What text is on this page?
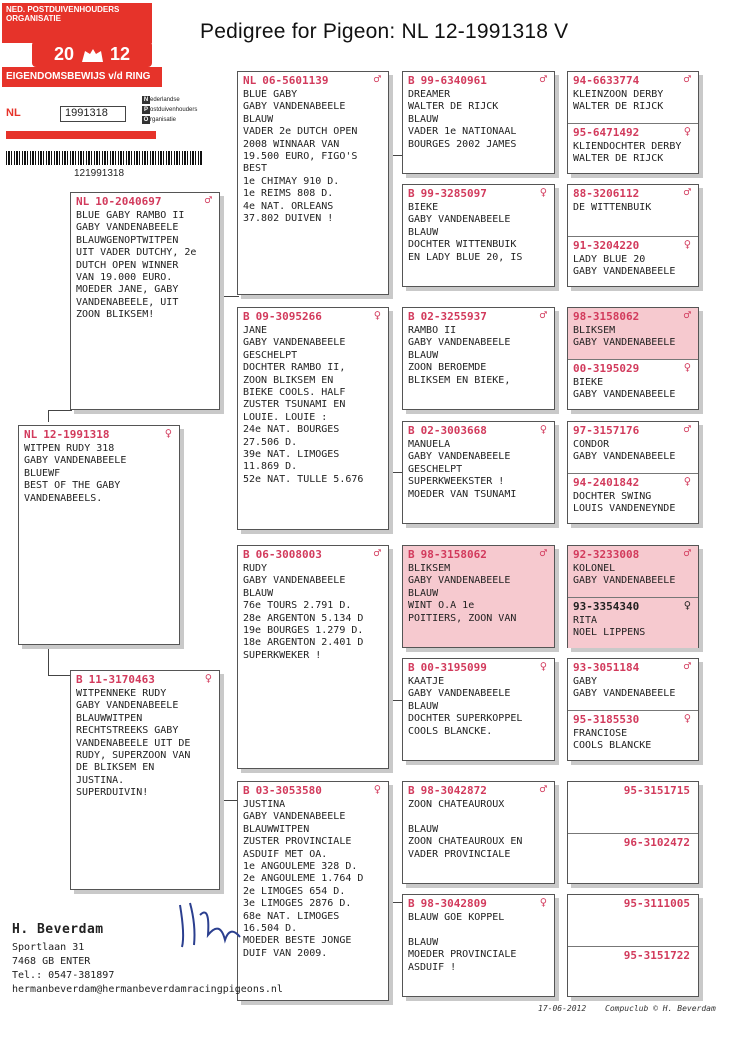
Pedigree for Pigeon: NL 12-1991318 V
NED. POSTDUIVENHOUDERS ORGANISATIE
20 12
EIGENDOMSBEWIJS v/d RING
NL	1991318
N ederlandse
P ostduivenhouders
O rganisatie
121991318
NL 12-1991318	♀
WITPEN RUDY 318
GABY VANDENABEELE
BLUEWF
BEST OF THE GABY
VANDENABEELS.
NL 10-2040697	♂
BLUE GABY RAMBO II
GABY VANDENABEELE
BLAUWGENOPTWITPEN
UIT VADER DUTCHY, 2e
DUTCH OPEN WINNER
VAN 19.000 EURO.
MOEDER JANE, GABY
VANDENABEELE, UIT
ZOON BLIKSEM!
B 11-3170463	♀
WITPENNEKE RUDY
GABY VANDENABEELE
BLAUWWITPEN
RECHTSTREEKS GABY
VANDENABEELE UIT DE
RUDY, SUPERZOON VAN
DE BLIKSEM EN
JUSTINA.
SUPERDUIVIN!
NL 06-5601139	♂
BLUE GABY
GABY VANDENABEELE
BLAUW
VADER 2e DUTCH OPEN
2008 WINNAAR VAN
19.500 EURO, FIGO'S
BEST
1e CHIMAY 910 D.
1e REIMS 808 D.
4e NAT. ORLEANS
37.802 DUIVEN !
B 09-3095266	♀
JANE
GABY VANDENABEELE
GESCHELPT
DOCHTER RAMBO II,
ZOON BLIKSEM EN
BIEKE COOLS. HALF
ZUSTER TSUNAMI EN
LOUIE. LOUIE :
24e NAT. BOURGES
27.506 D.
39e NAT. LIMOGES
11.869 D.
52e NAT. TULLE 5.676
B 06-3008003	♂
RUDY
GABY VANDENABEELE
BLAUW
76e TOURS 2.791 D.
28e ARGENTON 5.134 D
19e BOURGES 1.279 D.
18e ARGENTON 2.401 D
SUPERKWEKER !
B 03-3053580	♀
JUSTINA
GABY VANDENABEELE
BLAUWWITPEN
ZUSTER PROVINCIALE
ASDUIF MET OA.
1e ANGOULEME 328 D.
2e ANGOULEME 1.764 D
2e LIMOGES 654 D.
3e LIMOGES 2876 D.
68e NAT. LIMOGES
16.504 D.
MOEDER BESTE JONGE
DUIF VAN 2009.
B 99-6340961	♂
DREAMER
WALTER DE RIJCK
BLAUW
VADER 1e NATIONAAL
BOURGES 2002 JAMES
B 99-3285097	♀
BIEKE
GABY VANDENABEELE
BLAUW
DOCHTER WITTENBUIK
EN LADY BLUE 20, IS
B 02-3255937	♂
RAMBO II
GABY VANDENABEELE
BLAUW
ZOON BEROEMDE
BLIKSEM EN BIEKE,
B 02-3003668	♀
MANUELA
GABY VANDENABEELE
GESCHELPT
SUPERKWEEKSTER !
MOEDER VAN TSUNAMI
B 98-3158062	♂
BLIKSEM
GABY VANDENABEELE
BLAUW
WINT O.A 1e
POITIERS, ZOON VAN
B 00-3195099	♀
KAATJE
GABY VANDENABEELE
BLAUW
DOCHTER SUPERKOPPEL
COOLS BLANCKE.
B 98-3042872	♂
ZOON CHATEAUROUX

BLAUW
ZOON CHATEAUROUX EN
VADER PROVINCIALE
B 98-3042809	♀
BLAUW GOE KOPPEL

BLAUW
MOEDER PROVINCIALE
ASDUIF !
94-6633774	♂
KLEINZOON DERBY
WALTER DE RIJCK
95-6471492	♀
KLIENDOCHTER DERBY
WALTER DE RIJCK
88-3206112	♂
DE WITTENBUIK
91-3204220	♀
LADY BLUE 20
GABY VANDENABEELE
98-3158062	♂
BLIKSEM
GABY VANDENABEELE
00-3195029	♀
BIEKE
GABY VANDENABEELE
97-3157176	♂
CONDOR
GABY VANDENABEELE
94-2401842	♀
DOCHTER SWING
LOUIS VANDENEYNDE
92-3233008	♂
KOLONEL
GABY VANDENABEELE
93-3354340	♀
RITA
NOEL LIPPENS
93-3051184	♂
GABY
GABY VANDENABEELE
95-3185530	♀
FRANCIOSE
COOLS BLANCKE
95-3151715
96-3102472
95-3111005
95-3151722
H. Beverdam
Sportlaan 31
7468 GB ENTER
Tel.: 0547-381897
hermanbeverdam@hermanbeverdamracingpigeons.nl
17-06-2012 Compuclub © H. Beverdam
